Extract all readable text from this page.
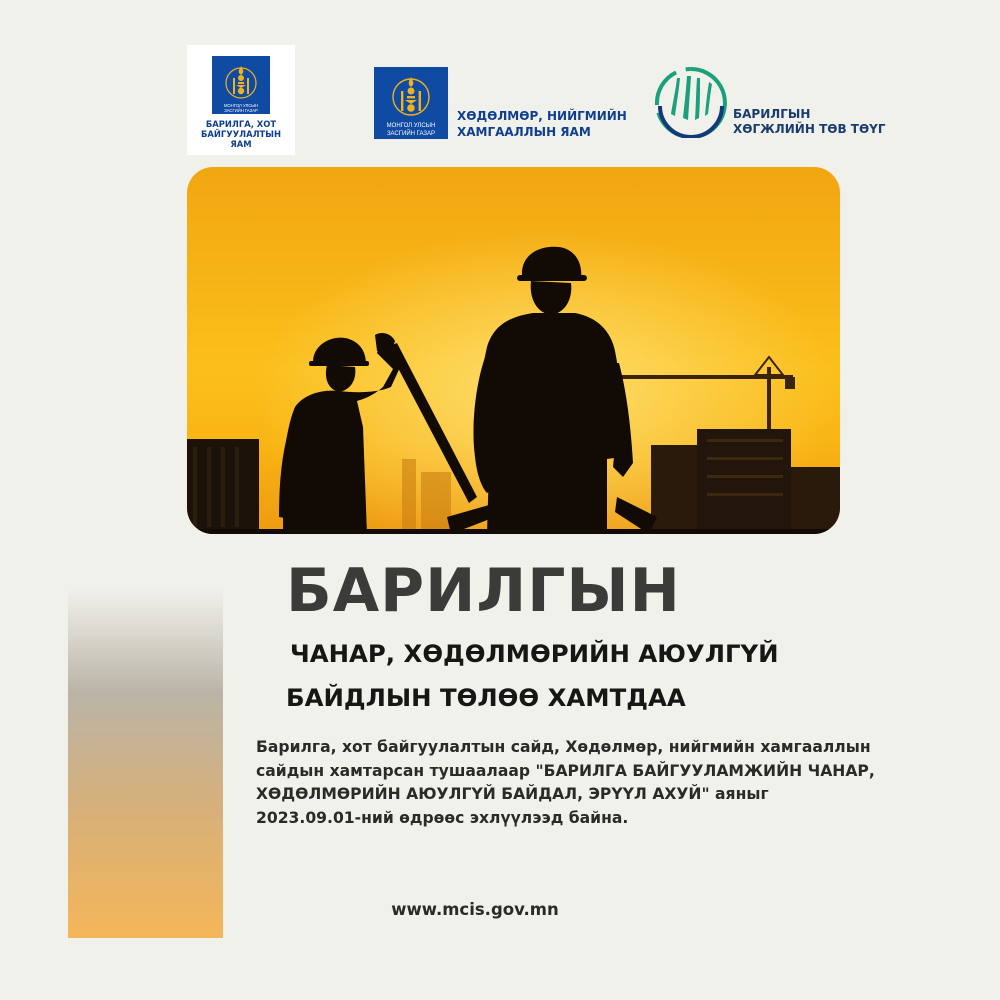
МОНГОЛ УЛСЫН
ЗАСГИЙН ГАЗАР
БАРИЛГА, ХОТ
БАЙГУУЛАЛТЫН
ЯАМ
МОНГОЛ УЛСЫН
ЗАСГИЙН ГАЗАР
ХӨДӨЛМӨР, НИЙГМИЙН
ХАМГААЛЛЫН ЯАМ
БАРИЛГЫН
ХӨГЖЛИЙН ТӨВ ТӨҮГ
БАРИЛГЫН
ЧАНАР, ХӨДӨЛМӨРИЙН АЮУЛГҮЙ
БАЙДЛЫН ТӨЛӨӨ ХАМТДАА
Барилга, хот байгуулалтын сайд, Хөдөлмөр, нийгмийн хамгааллын
сайдын хамтарсан тушаалаар "БАРИЛГА БАЙГУУЛАМЖИЙН ЧАНАР,
ХӨДӨЛМӨРИЙН АЮУЛГҮЙ БАЙДАЛ, ЭРҮҮЛ АХУЙ" аяныг
2023.09.01-ний өдрөөс эхлүүлээд байна.
www.mcis.gov.mn
